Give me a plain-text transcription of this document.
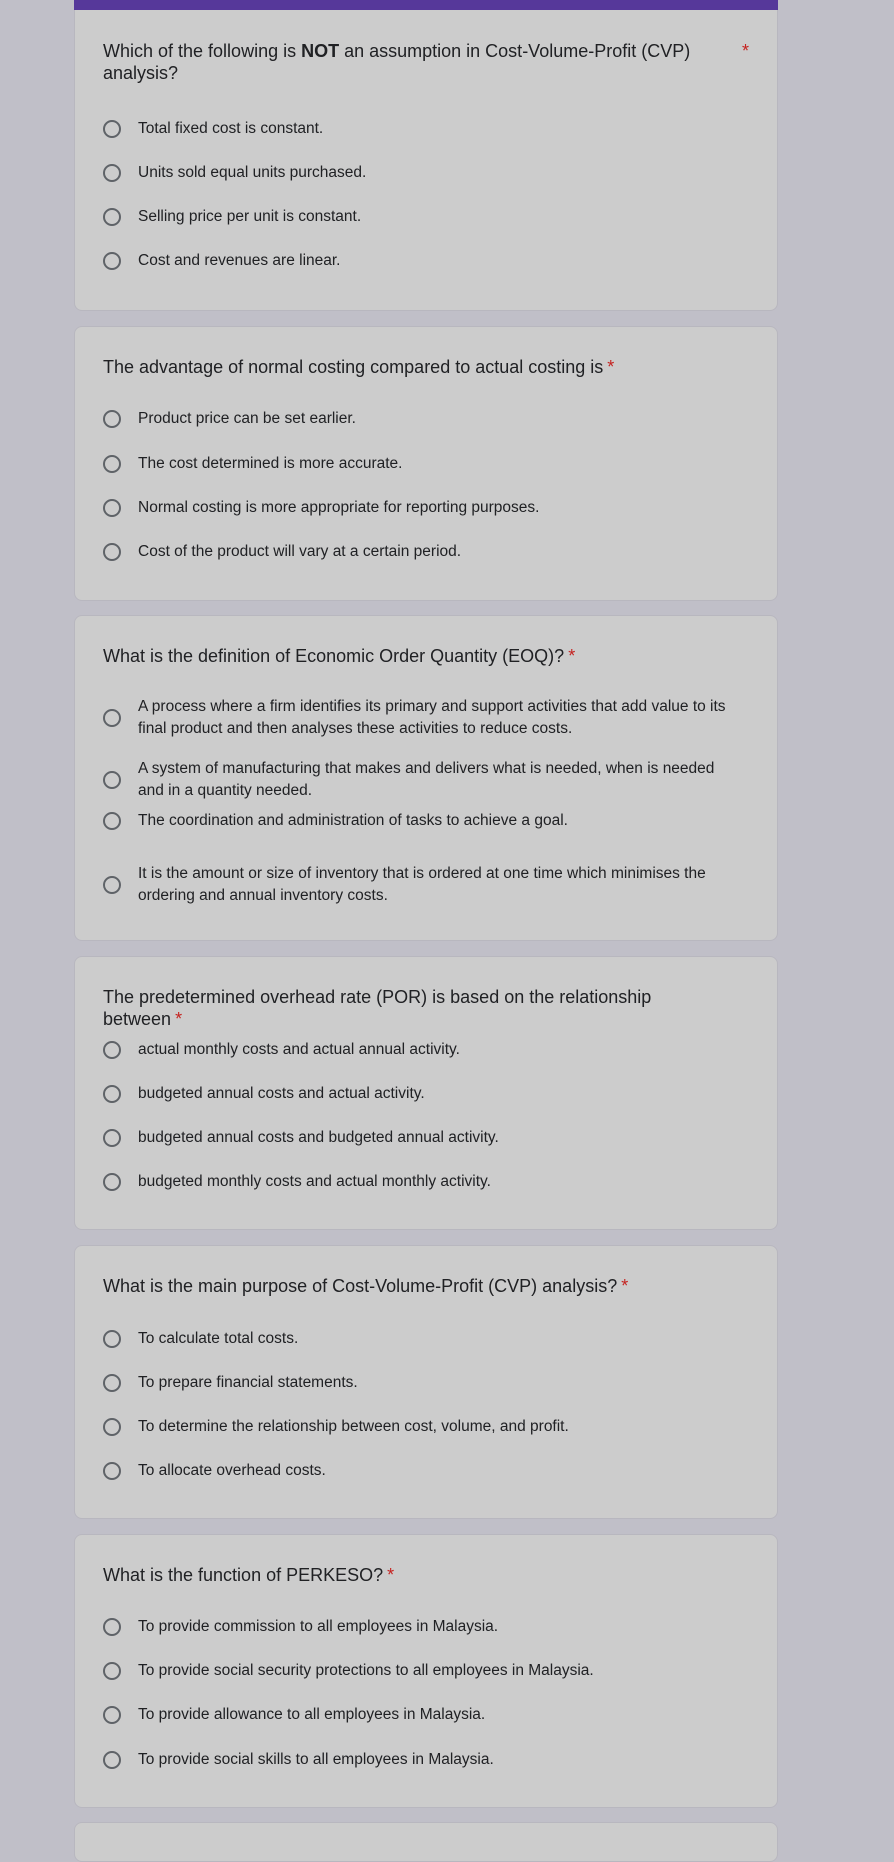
Which of the following is NOT an assumption in Cost-Volume-Profit (CVP) analysis?
*
Total fixed cost is constant.
Units sold equal units purchased.
Selling price per unit is constant.
Cost and revenues are linear.
The advantage of normal costing compared to actual costing is *
Product price can be set earlier.
The cost determined is more accurate.
Normal costing is more appropriate for reporting purposes.
Cost of the product will vary at a certain period.
What is the definition of Economic Order Quantity (EOQ)? *
A process where a firm identifies its primary and support activities that add value to its final product and then analyses these activities to reduce costs.
A system of manufacturing that makes and delivers what is needed, when is needed and in a quantity needed.
The coordination and administration of tasks to achieve a goal.
It is the amount or size of inventory that is ordered at one time which minimises the ordering and annual inventory costs.
The predetermined overhead rate (POR) is based on the relationship between *
actual monthly costs and actual annual activity.
budgeted annual costs and actual activity.
budgeted annual costs and budgeted annual activity.
budgeted monthly costs and actual monthly activity.
What is the main purpose of Cost-Volume-Profit (CVP) analysis? *
To calculate total costs.
To prepare financial statements.
To determine the relationship between cost, volume, and profit.
To allocate overhead costs.
What is the function of PERKESO? *
To provide commission to all employees in Malaysia.
To provide social security protections to all employees in Malaysia.
To provide allowance to all employees in Malaysia.
To provide social skills to all employees in Malaysia.
